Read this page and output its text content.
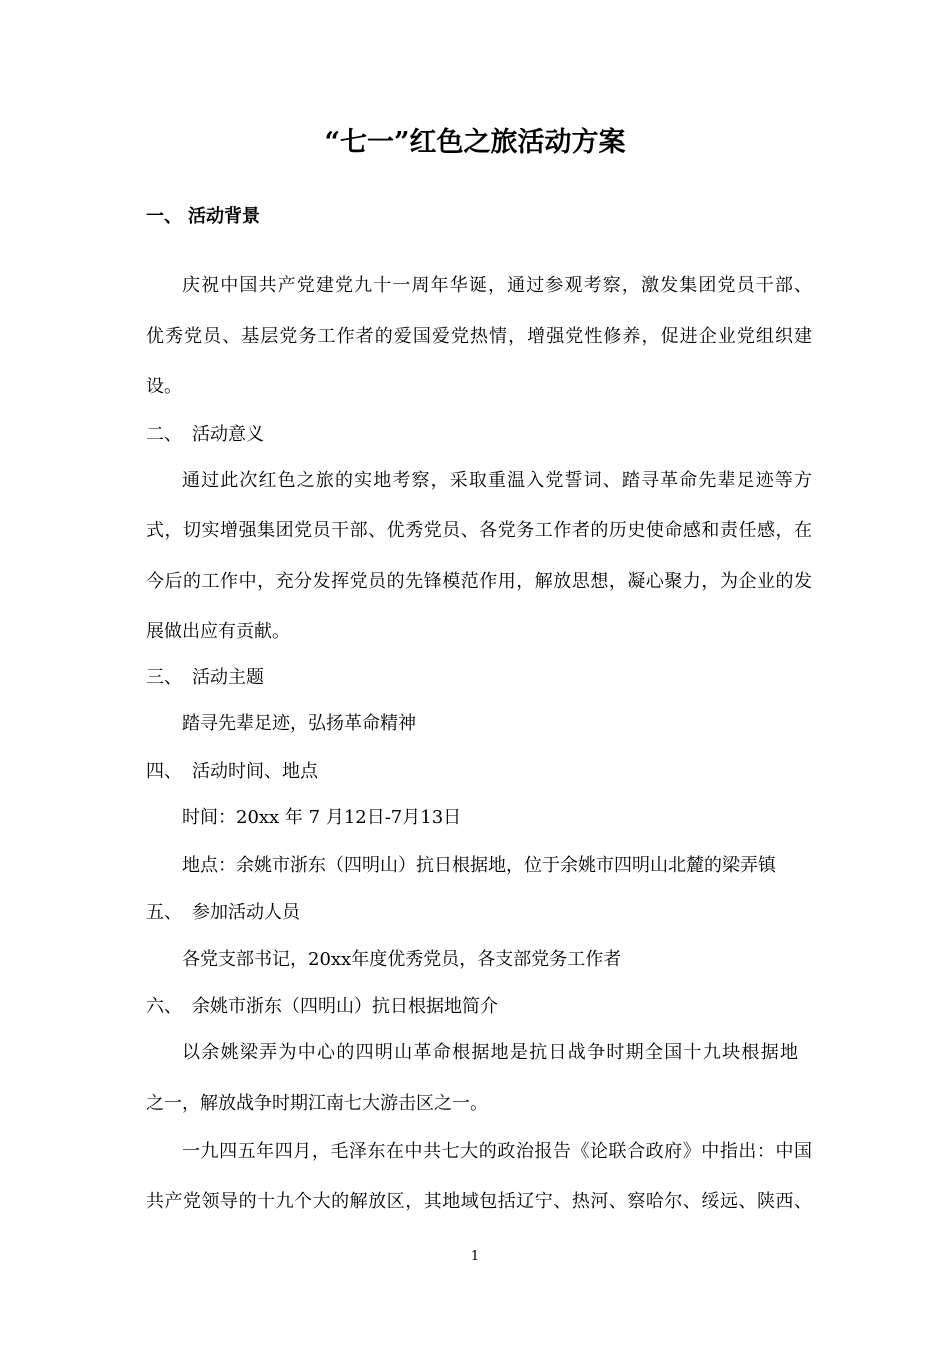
“七一”红色之旅活动方案

一、 活动背景

庆祝中国共产党建党九十一周年华诞，通过参观考察，激发集团党员干部、

优秀党员、基层党务工作者的爱国爱党热情，增强党性修养，促进企业党组织建

设。

二、 活动意义

通过此次红色之旅的实地考察，采取重温入党誓词、踏寻革命先辈足迹等方

式，切实增强集团党员干部、优秀党员、各党务工作者的历史使命感和责任感，在

今后的工作中，充分发挥党员的先锋模范作用，解放思想，凝心聚力，为企业的发

展做出应有贡献。

三、 活动主题

踏寻先辈足迹，弘扬革命精神

四、 活动时间、地点

时间：20xx 年 7 月12日-7月13日

地点：余姚市浙东（四明山）抗日根据地，位于余姚市四明山北麓的梁弄镇

五、 参加活动人员

各党支部书记，20xx年度优秀党员，各支部党务工作者

六、 余姚市浙东（四明山）抗日根据地简介

以余姚梁弄为中心的四明山革命根据地是抗日战争时期全国十九块根据地

之一，解放战争时期江南七大游击区之一。

一九四五年四月，毛泽东在中共七大的政治报告《论联合政府》中指出：中国

共产党领导的十九个大的解放区，其地域包括辽宁、热河、察哈尔、绥远、陕西、

1
